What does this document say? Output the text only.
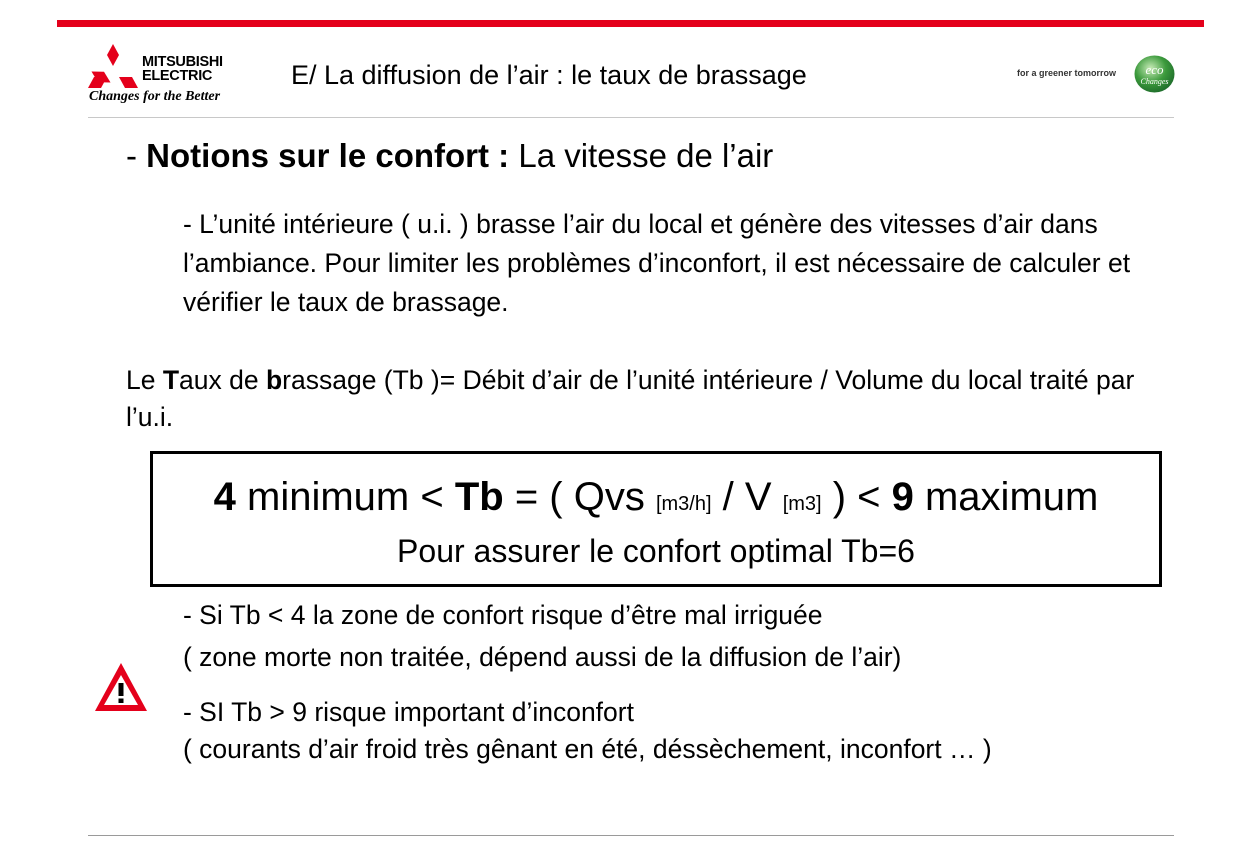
MITSUBISHI
ELECTRIC
Changes for the Better
E/ La diffusion de l’air : le taux de brassage	for a greener tomorrow eco
Changes
- Notions sur le confort : La vitesse de l’air
- L’unité intérieure ( u.i. ) brasse l’air du local et génère des vitesses d’air dans l’ambiance. Pour limiter les problèmes d’inconfort, il est nécessaire de calculer et vérifier le taux de brassage.
Le Taux de brassage (Tb )= Débit d’air de l’unité intérieure / Volume du local traité par l’u.i.
4 minimum < Tb = ( Qvs [m3/h] / V [m3] ) < 9 maximum
Pour assurer le confort optimal Tb=6
- Si Tb < 4 la zone de confort risque d’être mal irriguée
( zone morte non traitée, dépend aussi de la diffusion de l’air)
- SI Tb > 9 risque important d’inconfort
( courants d’air froid très gênant en été, déssèchement, inconfort … )
